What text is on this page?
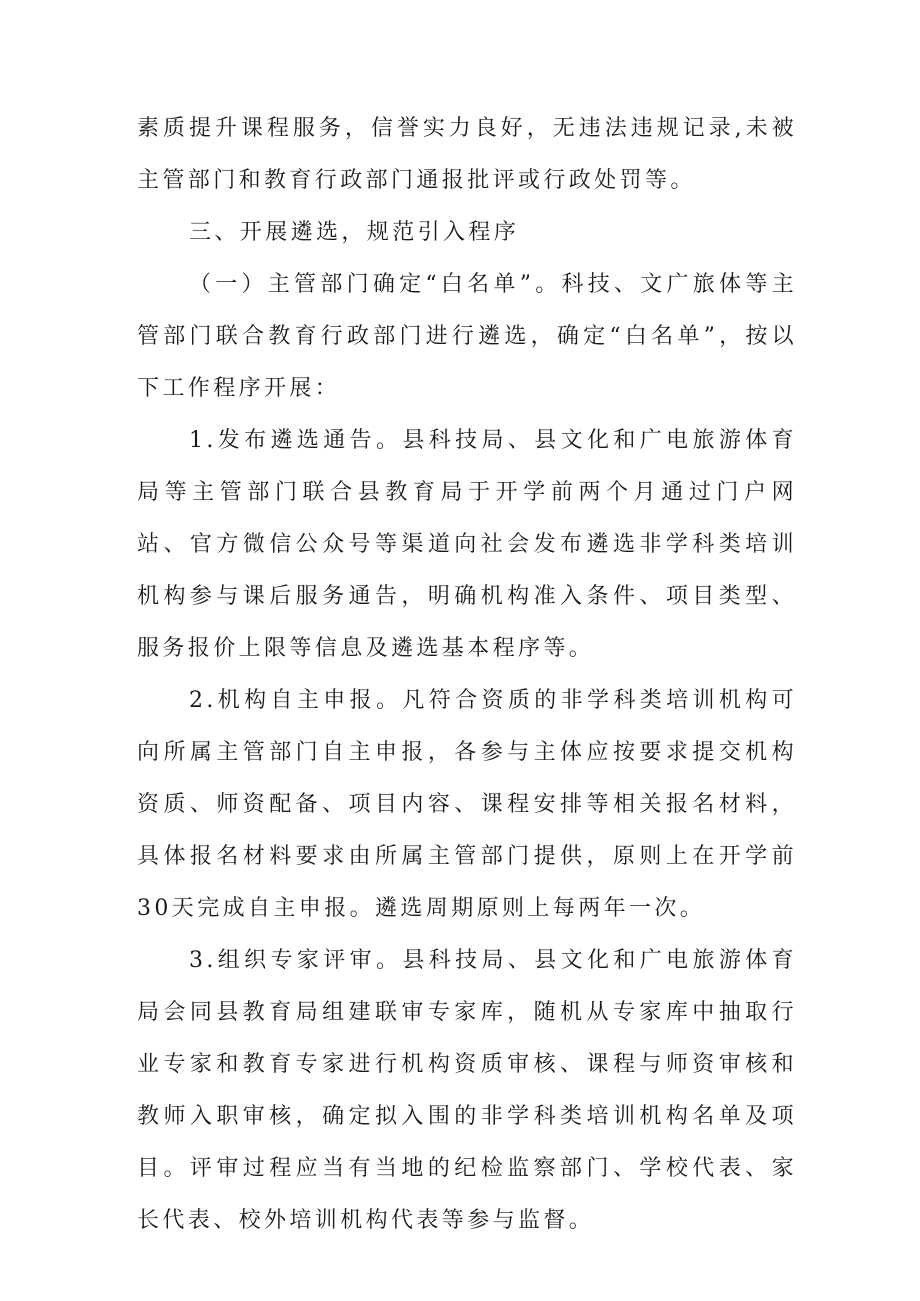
素质提升课程服务，信誉实力良好，无违法违规记录,未被主管部门和教育行政部门通报批评或行政处罚等。

三、开展遴选，规范引入程序

（一）主管部门确定“白名单”。科技、文广旅体等主管部门联合教育行政部门进行遴选，确定“白名单”，按以下工作程序开展：

1.发布遴选通告。县科技局、县文化和广电旅游体育局等主管部门联合县教育局于开学前两个月通过门户网站、官方微信公众号等渠道向社会发布遴选非学科类培训机构参与课后服务通告，明确机构准入条件、项目类型、服务报价上限等信息及遴选基本程序等。

2.机构自主申报。凡符合资质的非学科类培训机构可向所属主管部门自主申报，各参与主体应按要求提交机构资质、师资配备、项目内容、课程安排等相关报名材料，具体报名材料要求由所属主管部门提供，原则上在开学前30天完成自主申报。遴选周期原则上每两年一次。

3.组织专家评审。县科技局、县文化和广电旅游体育局会同县教育局组建联审专家库，随机从专家库中抽取行业专家和教育专家进行机构资质审核、课程与师资审核和教师入职审核，确定拟入围的非学科类培训机构名单及项目。评审过程应当有当地的纪检监察部门、学校代表、家长代表、校外培训机构代表等参与监督。
